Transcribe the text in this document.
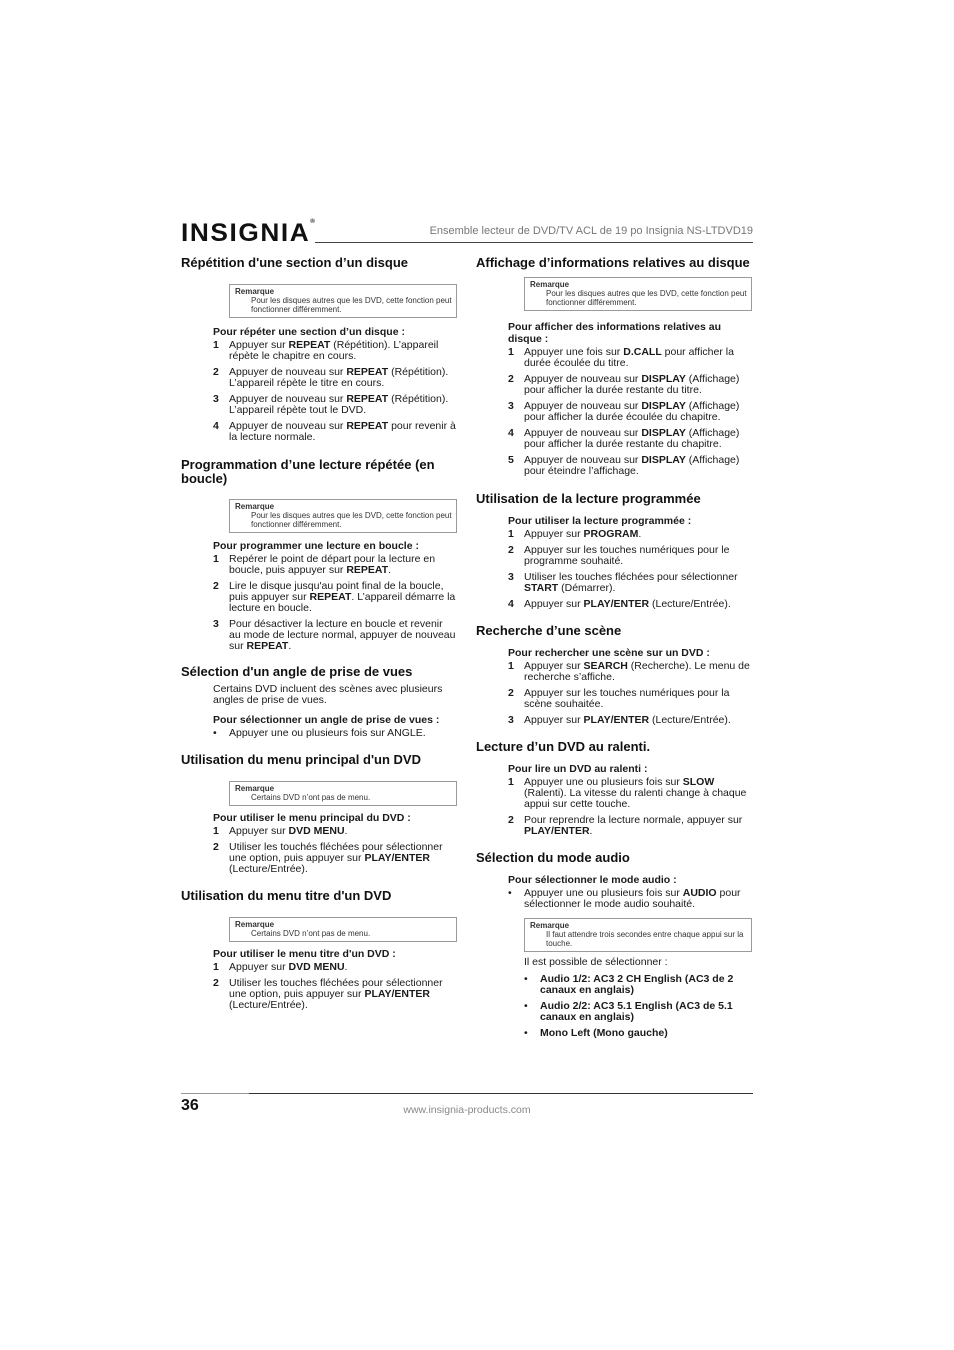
INSIGNIA®
Ensemble lecteur de DVD/TV ACL de 19 po Insignia NS-LTDVD19
Répétition d'une section d’un disque
Remarque
Pour les disques autres que les DVD, cette fonction peut fonctionner différemment.
Pour répéter une section d’un disque :
1 Appuyer sur REPEAT (Répétition). L’appareil répète le chapitre en cours.
2 Appuyer de nouveau sur REPEAT (Répétition). L’appareil répète le titre en cours.
3 Appuyer de nouveau sur REPEAT (Répétition). L’appareil répète tout le DVD.
4 Appuyer de nouveau sur REPEAT pour revenir à la lecture normale.
Programmation d’une lecture répétée (en boucle)
Remarque
Pour les disques autres que les DVD, cette fonction peut fonctionner différemment.
Pour programmer une lecture en boucle :
1 Repérer le point de départ pour la lecture en boucle, puis appuyer sur REPEAT.
2 Lire le disque jusqu'au point final de la boucle, puis appuyer sur REPEAT. L’appareil démarre la lecture en boucle.
3 Pour désactiver la lecture en boucle et revenir au mode de lecture normal, appuyer de nouveau sur REPEAT.
Sélection d'un angle de prise de vues
Certains DVD incluent des scènes avec plusieurs angles de prise de vues.
Pour sélectionner un angle de prise de vues :
•	Appuyer une ou plusieurs fois sur ANGLE.
Utilisation du menu principal d'un DVD
Remarque
Certains DVD n’ont pas de menu.
Pour utiliser le menu principal du DVD :
1 Appuyer sur DVD MENU.
2 Utiliser les touchés fléchées pour sélectionner une option, puis appuyer sur PLAY/ENTER (Lecture/Entrée).
Utilisation du menu titre d'un DVD
Remarque
Certains DVD n’ont pas de menu.
Pour utiliser le menu titre d'un DVD :
1 Appuyer sur DVD MENU.
2 Utiliser les touches fléchées pour sélectionner une option, puis appuyer sur PLAY/ENTER (Lecture/Entrée).
Affichage d’informations relatives au disque
Remarque
Pour les disques autres que les DVD, cette fonction peut fonctionner différemment.
Pour afficher des informations relatives au disque :
1 Appuyer une fois sur D.CALL pour afficher la durée écoulée du titre.
2 Appuyer de nouveau sur DISPLAY (Affichage) pour afficher la durée restante du titre.
3 Appuyer de nouveau sur DISPLAY (Affichage) pour afficher la durée écoulée du chapitre.
4 Appuyer de nouveau sur DISPLAY (Affichage) pour afficher la durée restante du chapitre.
5 Appuyer de nouveau sur DISPLAY (Affichage) pour éteindre l’affichage.
Utilisation de la lecture programmée
Pour utiliser la lecture programmée :
1 Appuyer sur PROGRAM.
2 Appuyer sur les touches numériques pour le programme souhaité.
3 Utiliser les touches fléchées pour sélectionner START (Démarrer).
4 Appuyer sur PLAY/ENTER (Lecture/Entrée).
Recherche d’une scène
Pour rechercher une scène sur un DVD :
1 Appuyer sur SEARCH (Recherche). Le menu de recherche s’affiche.
2 Appuyer sur les touches numériques pour la scène souhaitée.
3 Appuyer sur PLAY/ENTER (Lecture/Entrée).
Lecture d’un DVD au ralenti.
Pour lire un DVD au ralenti :
1 Appuyer une ou plusieurs fois sur SLOW (Ralenti). La vitesse du ralenti change à chaque appui sur cette touche.
2 Pour reprendre la lecture normale, appuyer sur PLAY/ENTER.
Sélection du mode audio
Pour sélectionner le mode audio :
•	Appuyer une ou plusieurs fois sur AUDIO pour sélectionner le mode audio souhaité.
Remarque
Il faut attendre trois secondes entre chaque appui sur la touche.
Il est possible de sélectionner :
•	Audio 1/2: AC3 2 CH English (AC3 de 2 canaux en anglais)
•	Audio 2/2: AC3 5.1 English (AC3 de 5.1 canaux en anglais)
•	Mono Left (Mono gauche)
36	www.insignia-products.com
